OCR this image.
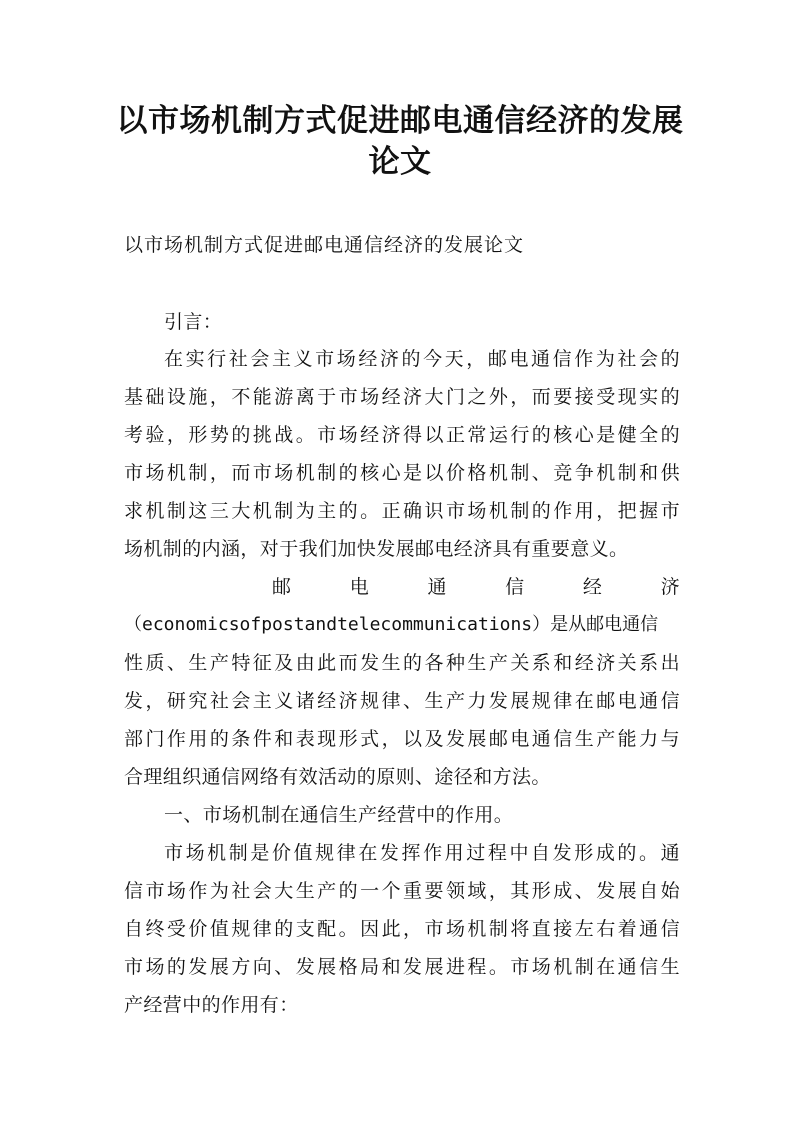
以市场机制方式促进邮电通信经济的发展
论文

以市场机制方式促进邮电通信经济的发展论文

引言：
在实行社会主义市场经济的今天，邮电通信作为社会的
基础设施，不能游离于市场经济大门之外，而要接受现实的
考验，形势的挑战。市场经济得以正常运行的核心是健全的
市场机制，而市场机制的核心是以价格机制、竞争机制和供
求机制这三大机制为主的。正确识市场机制的作用，把握市
场机制的内涵，对于我们加快发展邮电经济具有重要意义。
邮	电	通	信	经	济
（economicsofpostandtelecommunications）是从邮电通信
性质、生产特征及由此而发生的各种生产关系和经济关系出
发，研究社会主义诸经济规律、生产力发展规律在邮电通信
部门作用的条件和表现形式，以及发展邮电通信生产能力与
合理组织通信网络有效活动的原则、途径和方法。
一、市场机制在通信生产经营中的作用。
市场机制是价值规律在发挥作用过程中自发形成的。通
信市场作为社会大生产的一个重要领域，其形成、发展自始
自终受价值规律的支配。因此，市场机制将直接左右着通信
市场的发展方向、发展格局和发展进程。市场机制在通信生
产经营中的作用有：
